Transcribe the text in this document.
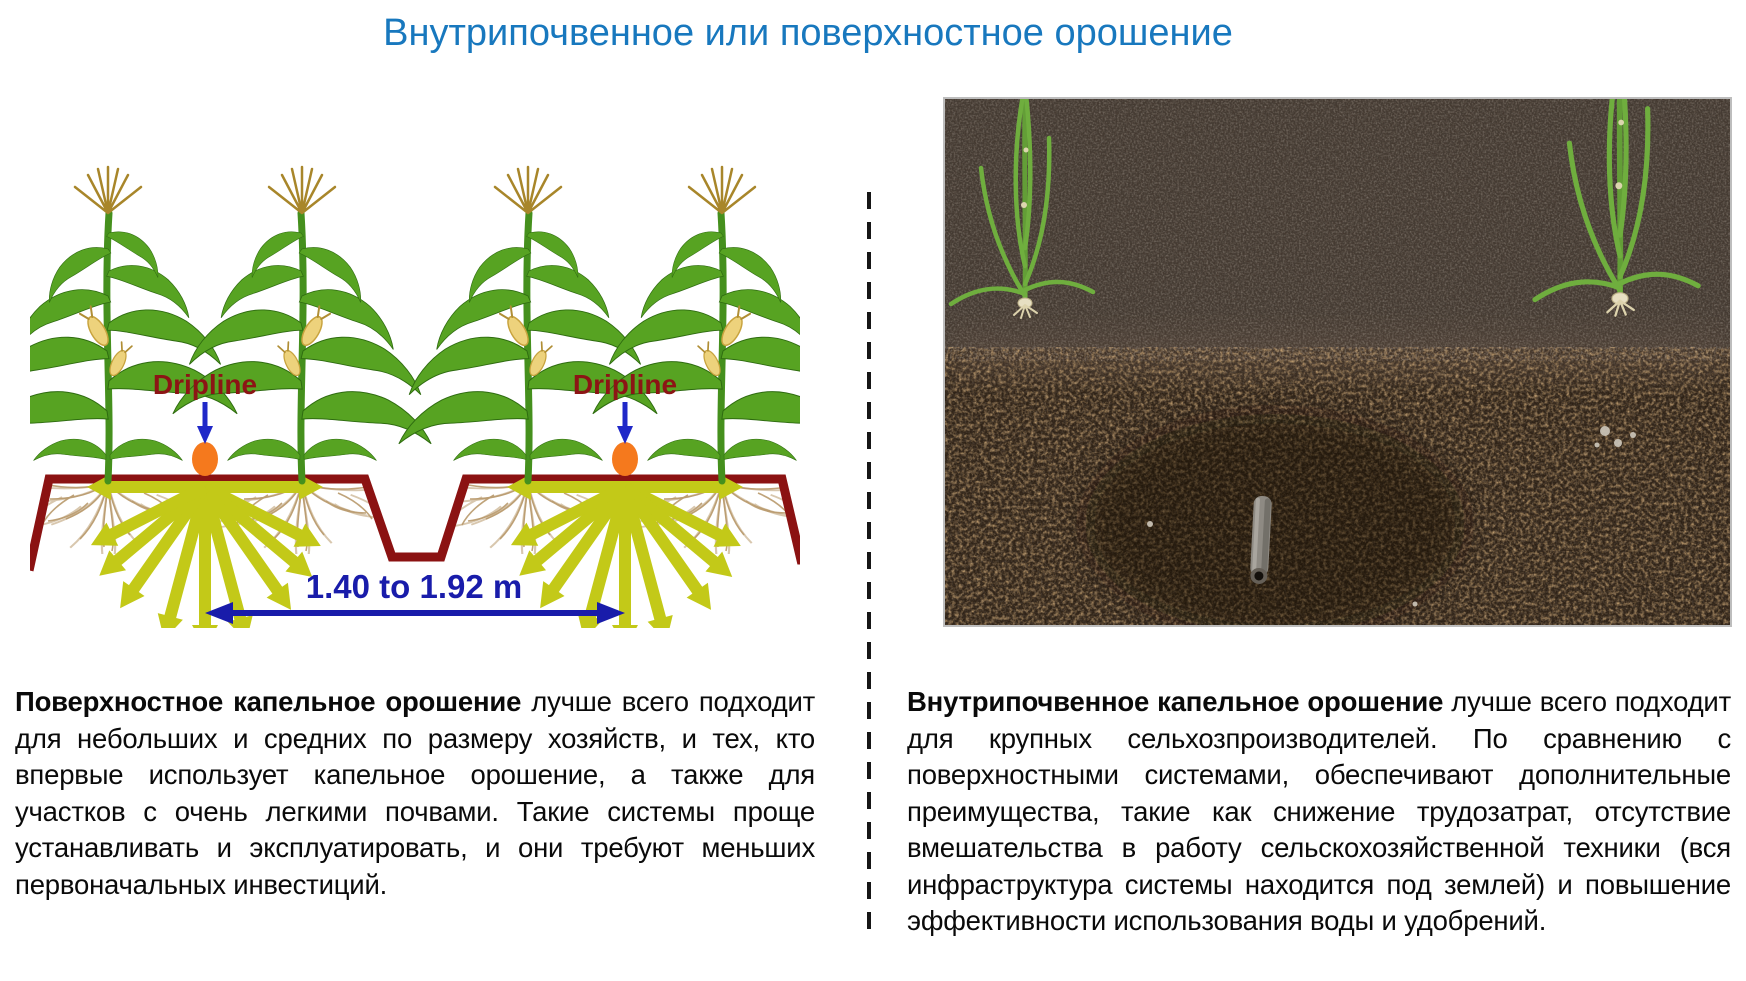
Внутрипочвенное или поверхностное орошение
Dripline	Dripline
1.40 to 1.92 m

Поверхностное капельное орошение лучше всего подходит для небольших и средних по размеру хозяйств, и тех, кто впервые использует капельное орошение, а также для участков с очень легкими почвами. Такие системы проще устанавливать и эксплуатировать, и они требуют меньших первоначальных инвестиций.

Внутрипочвенное капельное орошение лучше всего подходит для крупных сельхозпроизводителей. По сравнению с поверхностными системами, обеспечивают дополнительные преимущества, такие как снижение трудозатрат, отсутствие вмешательства в работу сельскохозяйственной техники (вся инфраструктура системы находится под землей) и повышение эффективности использования воды и удобрений.
